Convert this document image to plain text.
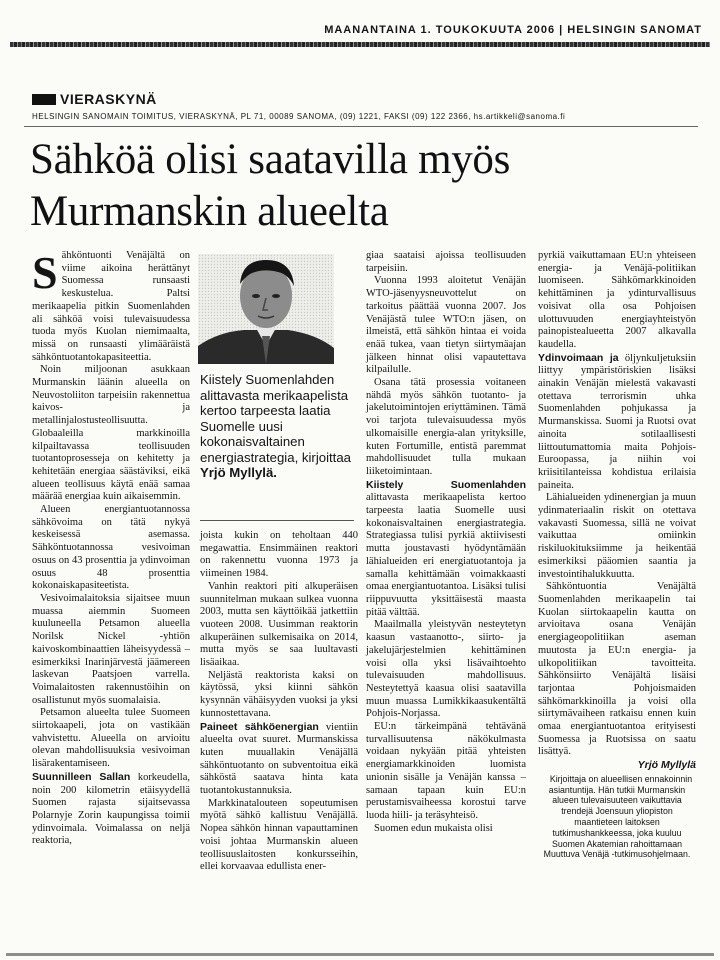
MAANANTAINA 1. TOUKOKUUTA 2006 | HELSINGIN SANOMAT
VIERASKYNÄ
HELSINGIN SANOMAIN TOIMITUS, VIERASKYNÄ, PL 71, 00089 SANOMA, (09) 1221, FAKSI (09) 122 2366, hs.artikkeli@sanoma.fi
Sähköä olisi saatavilla myös
Murmanskin alueelta

Sähköntuonti Venäjältä on viime aikoina herättänyt Suomessa runsaasti keskustelua. Paltsi merikaapelia pitkin Suomenlahden ali sähköä voisi tulevaisuudessa tuoda myös Kuolan niemimaalta, missä on runsaasti ylimääräistä sähköntuotantokapasiteettia.

Noin miljoonan asukkaan Murmanskin läänin alueella on Neuvostoliiton tarpeisiin rakennettua kaivos- ja metallinjalostusteollisuutta. Globaaleilla markkinoilla kilpailtavassa teollisuuden tuotantoprosesseja on kehitetty ja kehitetään energiaa säästäviksi, eikä alueen teollisuus käytä enää samaa määrää energiaa kuin aikaisemmin.

Alueen energiantuotannossa sähkövoima on tätä nykyä keskeisessä asemassa. Sähköntuotannossa vesivoiman osuus on 43 prosenttia ja ydinvoiman osuus 48 prosenttia kokonaiskapasiteetista.

Vesivoimalaitoksia sijaitsee muun muassa aiemmin Suomeen kuuluneella Petsamon alueella Norilsk Nickel -yhtiön kaivoskombinaattien läheisyydessä – esimerkiksi Inarinjärvestä jäämereen laskevan Paatsjoen varrella. Voimalaitosten rakennustöihin on osallistunut myös suomalaisia.

Petsamon alueelta tulee Suomeen siirtokaapeli, jota on vastikään vahvistettu. Alueella on arvioitu olevan mahdollisuuksia vesivoiman lisärakentamiseen.

Suunnilleen Sallan korkeudella, noin 200 kilometrin etäisyydellä Suomen rajasta sijaitsevassa Polarnyje Zorin kaupungissa toimii ydinvoimala. Voimalassa on neljä reaktoria,

Kiistely Suomenlahden alittavasta merikaapelista kertoo tarpeesta laatia Suomelle uusi kokonaisvaltainen energiastrategia, kirjoittaa Yrjö Myllylä.

joista kukin on teholtaan 440 megawattia. Ensimmäinen reaktori on rakennettu vuonna 1973 ja viimeinen 1984.

Vanhin reaktori piti alkuperäisen suunnitelman mukaan sulkea vuonna 2003, mutta sen käyttöikää jatkettiin vuoteen 2008. Uusimman reaktorin alkuperäinen sulkemisaika on 2014, mutta myös se saa luultavasti lisäaikaa.

Neljästä reaktorista kaksi on käytössä, yksi kiinni sähkön kysynnän vähäisyyden vuoksi ja yksi kunnostettavana.

Paineet sähköenergian vientiin alueelta ovat suuret. Murmanskissa kuten muuallakin Venäjällä sähköntuotanto on subventoitua eikä sähköstä saatava hinta kata tuotantokustannuksia.

Markkinatalouteen sopeutumisen myötä sähkö kallistuu Venäjällä. Nopea sähkön hinnan vapauttaminen voisi johtaa Murmanskin alueen teollisuuslaitosten konkursseihin, ellei korvaavaa edullista ener-

giaa saataisi ajoissa teollisuuden tarpeisiin.

Vuonna 1993 aloitetut Venäjän WTO-jäsenyysneuvottelut on tarkoitus päättää vuonna 2007. Jos Venäjästä tulee WTO:n jäsen, on ilmeistä, että sähkön hintaa ei voida enää tukea, vaan tietyn siirtymäajan jälkeen hinnat olisi vapautettava kilpailulle.

Osana tätä prosessia voitaneen nähdä myös sähkön tuotanto- ja jakelutoimintojen eriyttäminen. Tämä voi tarjota tulevaisuudessa myös ulkomaisille energia-alan yrityksille, kuten Fortumille, entistä paremmat mahdollisuudet tulla mukaan liiketoimintaan.

Kiistely Suomenlahden alittavasta merikaapelista kertoo tarpeesta laatia Suomelle uusi kokonaisvaltainen energiastrategia. Strategiassa tulisi pyrkiä aktiivisesti mutta joustavasti hyödyntämään lähialueiden eri energiatuotantoja ja samalla kehittämään voimakkaasti omaa energiantuotantoa. Lisäksi tulisi riippuvuutta yksittäisestä maasta pitää välttää.

Maailmalla yleistyvän nesteytetyn kaasun vastaanotto-, siirto- ja jakelujärjestelmien kehittäminen voisi olla yksi lisävaihtoehto tulevaisuuden mahdollisuus. Nesteytettyä kaasua olisi saatavilla muun muassa Lumikkikaasukentältä Pohjois-Norjassa.

EU:n tärkeimpänä tehtävänä turvallisuutensa näkökulmasta voidaan nykyään pitää yhteisten energiamarkkinoiden luomista unionin sisälle ja Venäjän kanssa – samaan tapaan kuin EU:n perustamisvaiheessa korostui tarve luoda hiili- ja teräsyhteisö.

Suomen edun mukaista olisi

pyrkiä vaikuttamaan EU:n yhteiseen energia- ja Venäjä-politiikan luomiseen. Sähkömarkkinoiden kehittäminen ja ydinturvallisuus voisivat olla osa Pohjoisen ulottuvuuden energiayhteistyön painopistealueetta 2007 alkavalla kaudella.

Ydinvoimaan ja öljynkuljetuksiin liittyy ympäristöriskien lisäksi ainakin Venäjän mielestä vakavasti otettava terrorismin uhka Suomenlahden pohjukassa ja Murmanskissa. Suomi ja Ruotsi ovat ainoita sotilaallisesti liittoutumattomia maita Pohjois-Euroopassa, ja niihin voi kriisitilanteissa kohdistua erilaisia paineita.

Lähialueiden ydinenergian ja muun ydinmateriaalin riskit on otettava vakavasti Suomessa, sillä ne voivat vaikuttaa omiinkin riskiluokituksiimme ja heikentää esimerkiksi pääomien saantia ja investointihalukkuutta.

Sähköntuontia Venäjältä Suomenlahden merikaapelin tai Kuolan siirtokaapelin kautta on arvioitava osana Venäjän energiageopolitiikan aseman muutosta ja EU:n energia- ja ulkopolitiikan tavoitteita. Sähkönsiirto Venäjältä lisäisi tarjontaa Pohjoismaiden sähkömarkkinoilla ja voisi olla siirtymävaiheen ratkaisu ennen kuin omaa energiantuotantoa erityisesti Suomessa ja Ruotsissa on saatu lisättyä.

Yrjö Myllylä

Kirjoittaja on alueellisen ennakoinnin asiantuntija. Hän tutkii Murmanskin alueen tulevaisuuteen vaikuttavia trendejä Joensuun yliopiston maantieteen laitoksen tutkimushankkeessa, joka kuuluu Suomen Akatemian rahoittamaan Muuttuva Venäjä -tutkimusohjelmaan.
